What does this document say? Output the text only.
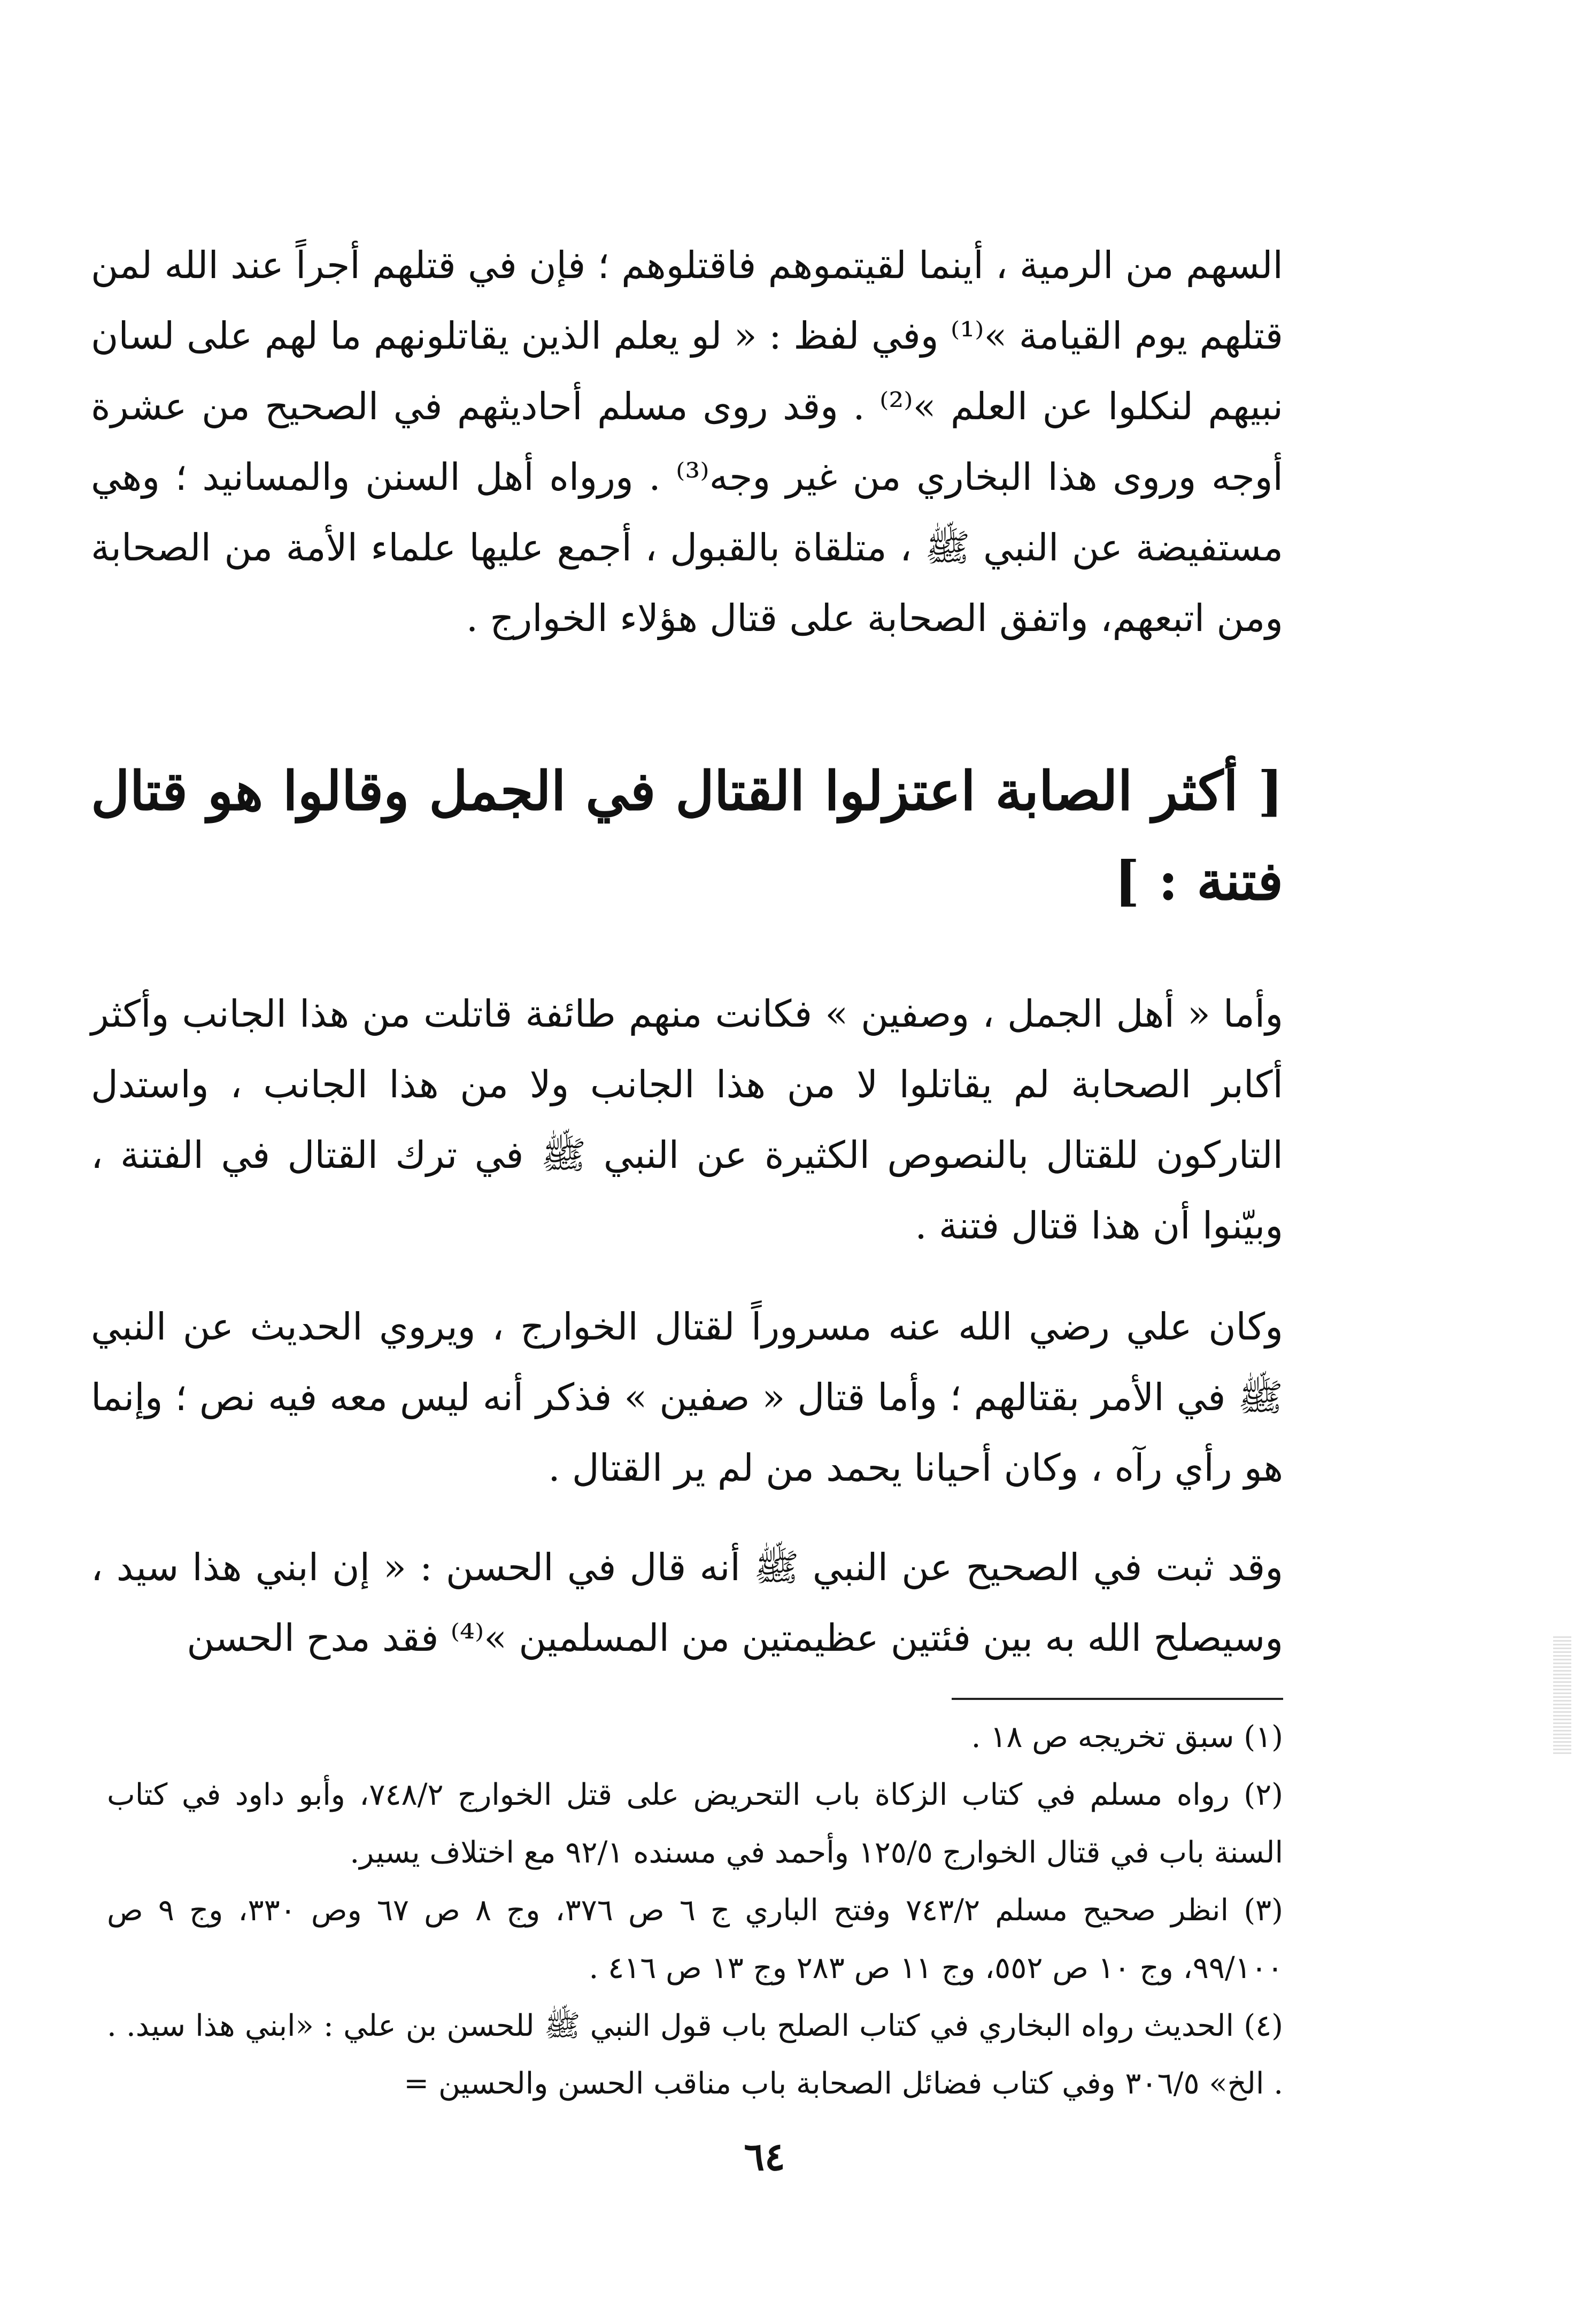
السهم من الرمية ، أينما لقيتموهم فاقتلوهم ؛ فإن في قتلهم أجراً عند الله لمن قتلهم يوم القيامة »⁽¹⁾ وفي لفظ : « لو يعلم الذين يقاتلونهم ما لهم على لسان نبيهم لنكلوا عن العلم »⁽²⁾ . وقد روى مسلم أحاديثهم في الصحيح من عشرة أوجه وروى هذا البخاري من غير وجه⁽³⁾ . ورواه أهل السنن والمسانيد ؛ وهي مستفيضة عن النبي ﷺ ، متلقاة بالقبول ، أجمع عليها علماء الأمة من الصحابة ومن اتبعهم، واتفق الصحابة على قتال هؤلاء الخوارج .

[ أكثر الصابة اعتزلوا القتال في الجمل وقالوا هو قتال فتنة : ]

وأما « أهل الجمل ، وصفين » فكانت منهم طائفة قاتلت من هذا الجانب وأكثر أكابر الصحابة لم يقاتلوا لا من هذا الجانب ولا من هذا الجانب ، واستدل التاركون للقتال بالنصوص الكثيرة عن النبي ﷺ في ترك القتال في الفتنة ، وبيّنوا أن هذا قتال فتنة .

وكان علي رضي الله عنه مسروراً لقتال الخوارج ، ويروي الحديث عن النبي ﷺ في الأمر بقتالهم ؛ وأما قتال « صفين » فذكر أنه ليس معه فيه نص ؛ وإنما هو رأي رآه ، وكان أحيانا يحمد من لم ير القتال .

وقد ثبت في الصحيح عن النبي ﷺ أنه قال في الحسن : « إن ابني هذا سيد ، وسيصلح الله به بين فئتين عظيمتين من المسلمين »⁽⁴⁾ فقد مدح الحسن

(١) سبق تخريجه ص ١٨ .

(٢) رواه مسلم في كتاب الزكاة باب التحريض على قتل الخوارج ٧٤٨/٢، وأبو داود في كتاب السنة باب في قتال الخوارج ١٢٥/٥ وأحمد في مسنده ٩٢/١ مع اختلاف يسير.

(٣) انظر صحيح مسلم ٧٤٣/٢ وفتح الباري ج ٦ ص ٣٧٦، وج ٨ ص ٦٧ وص ٣٣٠، وج ٩ ص ٩٩/١٠٠، وج ١٠ ص ٥٥٢، وج ١١ ص ٢٨٣ وج ١٣ ص ٤١٦ .

(٤) الحديث رواه البخاري في كتاب الصلح باب قول النبي ﷺ للحسن بن علي : «ابني هذا سيد. . . الخ» ٣٠٦/٥ وفي كتاب فضائل الصحابة باب مناقب الحسن والحسين =

٦٤
